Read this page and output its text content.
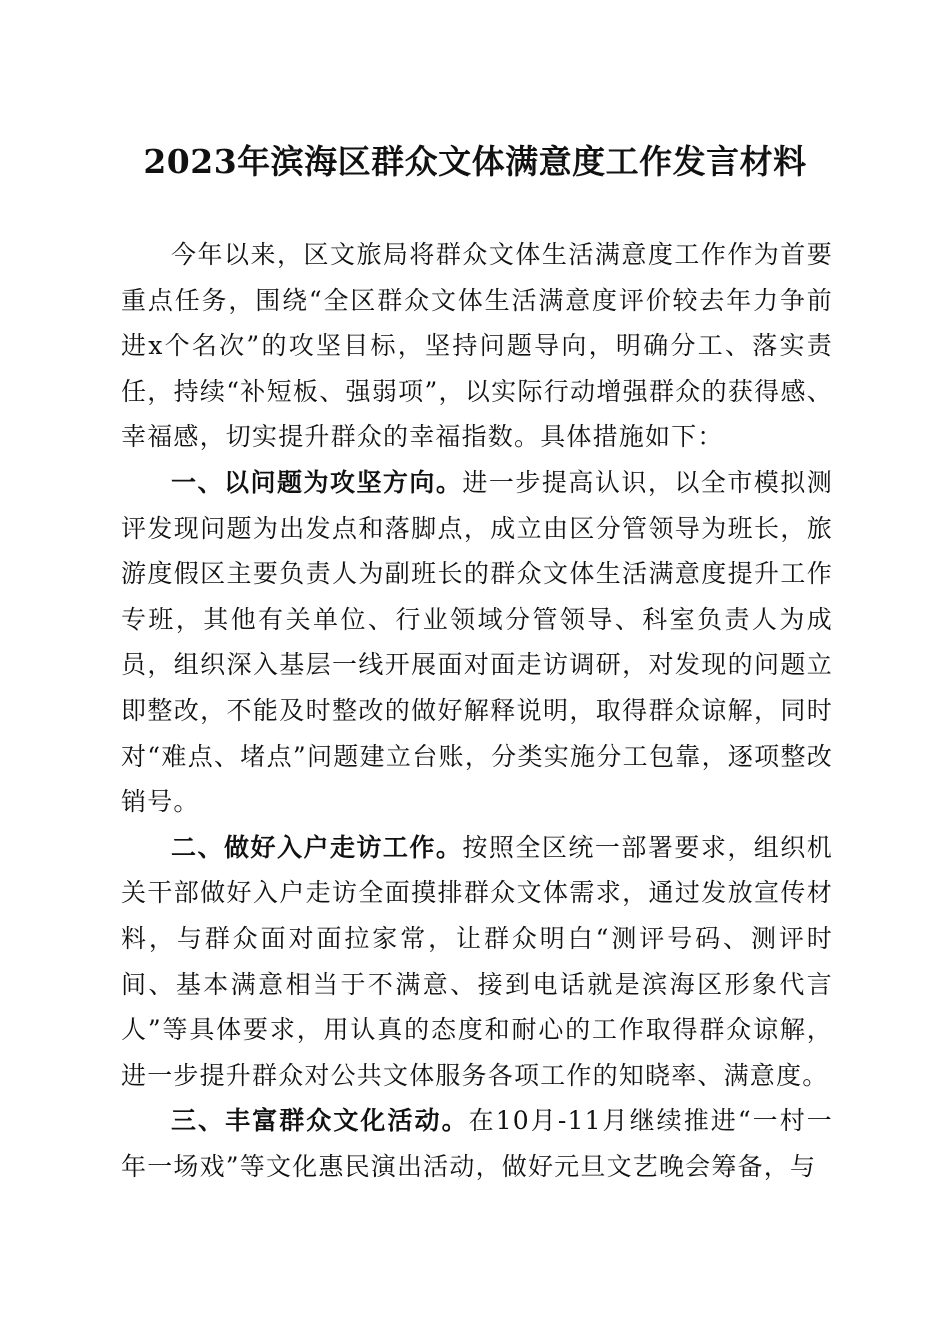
2023年滨海区群众文体满意度工作发言材料

今年以来，区文旅局将群众文体生活满意度工作作为首要重点任务，围绕“全区群众文体生活满意度评价较去年力争前进x个名次”的攻坚目标，坚持问题导向，明确分工、落实责任，持续“补短板、强弱项”，以实际行动增强群众的获得感、幸福感，切实提升群众的幸福指数。具体措施如下：

一、以问题为攻坚方向。进一步提高认识，以全市模拟测评发现问题为出发点和落脚点，成立由区分管领导为班长，旅游度假区主要负责人为副班长的群众文体生活满意度提升工作专班，其他有关单位、行业领域分管领导、科室负责人为成员，组织深入基层一线开展面对面走访调研，对发现的问题立即整改，不能及时整改的做好解释说明，取得群众谅解，同时对“难点、堵点”问题建立台账，分类实施分工包靠，逐项整改销号。

二、做好入户走访工作。按照全区统一部署要求，组织机关干部做好入户走访全面摸排群众文体需求，通过发放宣传材料，与群众面对面拉家常，让群众明白“测评号码、测评时间、基本满意相当于不满意、接到电话就是滨海区形象代言人”等具体要求，用认真的态度和耐心的工作取得群众谅解，进一步提升群众对公共文体服务各项工作的知晓率、满意度。

三、丰富群众文化活动。在10月-11月继续推进“一村一年一场戏”等文化惠民演出活动，做好元旦文艺晚会筹备，与
